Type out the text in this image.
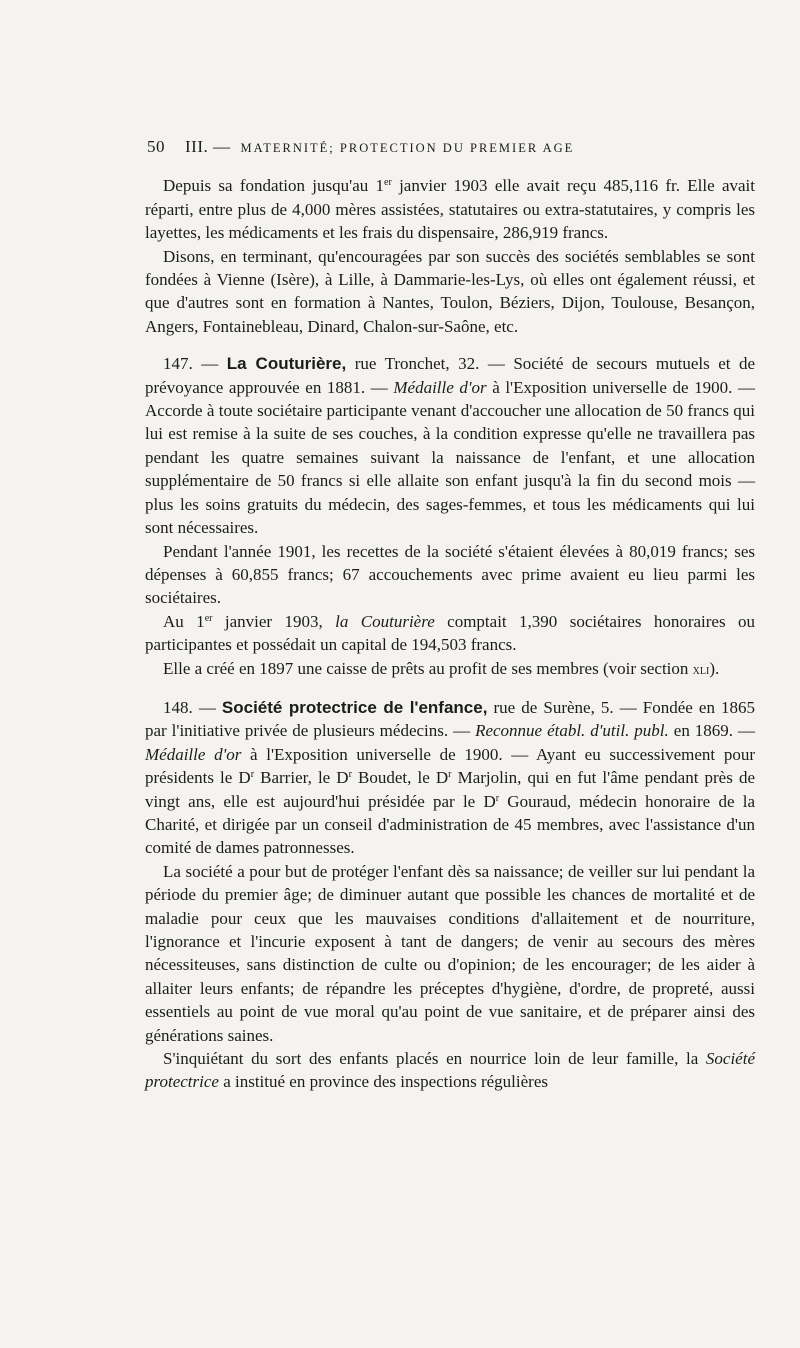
50 III. — MATERNITÉ; PROTECTION DU PREMIER AGE

Depuis sa fondation jusqu'au 1er janvier 1903 elle avait reçu 485,116 fr. Elle avait réparti, entre plus de 4,000 mères assistées, statutaires ou extra-statutaires, y compris les layettes, les médicaments et les frais du dispensaire, 286,919 francs.

Disons, en terminant, qu'encouragées par son succès des sociétés semblables se sont fondées à Vienne (Isère), à Lille, à Dammarie-les-Lys, où elles ont également réussi, et que d'autres sont en formation à Nantes, Toulon, Béziers, Dijon, Toulouse, Besançon, Angers, Fontainebleau, Dinard, Chalon-sur-Saône, etc.

147. — La Couturière, rue Tronchet, 32. — Société de secours mutuels et de prévoyance approuvée en 1881. — Médaille d'or à l'Exposition universelle de 1900. — Accorde à toute sociétaire participante venant d'accoucher une allocation de 50 francs qui lui est remise à la suite de ses couches, à la condition expresse qu'elle ne travaillera pas pendant les quatre semaines suivant la naissance de l'enfant, et une allocation supplémentaire de 50 francs si elle allaite son enfant jusqu'à la fin du second mois — plus les soins gratuits du médecin, des sages-femmes, et tous les médicaments qui lui sont nécessaires.

Pendant l'année 1901, les recettes de la société s'étaient élevées à 80,019 francs; ses dépenses à 60,855 francs; 67 accouchements avec prime avaient eu lieu parmi les sociétaires.

Au 1er janvier 1903, la Couturière comptait 1,390 sociétaires honoraires ou participantes et possédait un capital de 194,503 francs.

Elle a créé en 1897 une caisse de prêts au profit de ses membres (voir section xli).

148. — Société protectrice de l'enfance, rue de Surène, 5. — Fondée en 1865 par l'initiative privée de plusieurs médecins. — Reconnue établ. d'util. publ. en 1869. — Médaille d'or à l'Exposition universelle de 1900. — Ayant eu successivement pour présidents le $D^r$ Barrier, le $D^r$ Boudet, le $D^r$ Marjolin, qui en fut l'âme pendant près de vingt ans, elle est aujourd'hui présidée par le $D^r$ Gouraud, médecin honoraire de la Charité, et dirigée par un conseil d'administration de 45 membres, avec l'assistance d'un comité de dames patronnesses.

La société a pour but de protéger l'enfant dès sa naissance; de veiller sur lui pendant la période du premier âge; de diminuer autant que possible les chances de mortalité et de maladie pour ceux que les mauvaises conditions d'allaitement et de nourriture, l'ignorance et l'incurie exposent à tant de dangers; de venir au secours des mères nécessiteuses, sans distinction de culte ou d'opinion; de les encourager; de les aider à allaiter leurs enfants; de répandre les préceptes d'hygiène, d'ordre, de propreté, aussi essentiels au point de vue moral qu'au point de vue sanitaire, et de préparer ainsi des générations saines.

S'inquiétant du sort des enfants placés en nourrice loin de leur famille, la Société protectrice a institué en province des inspections régulières
